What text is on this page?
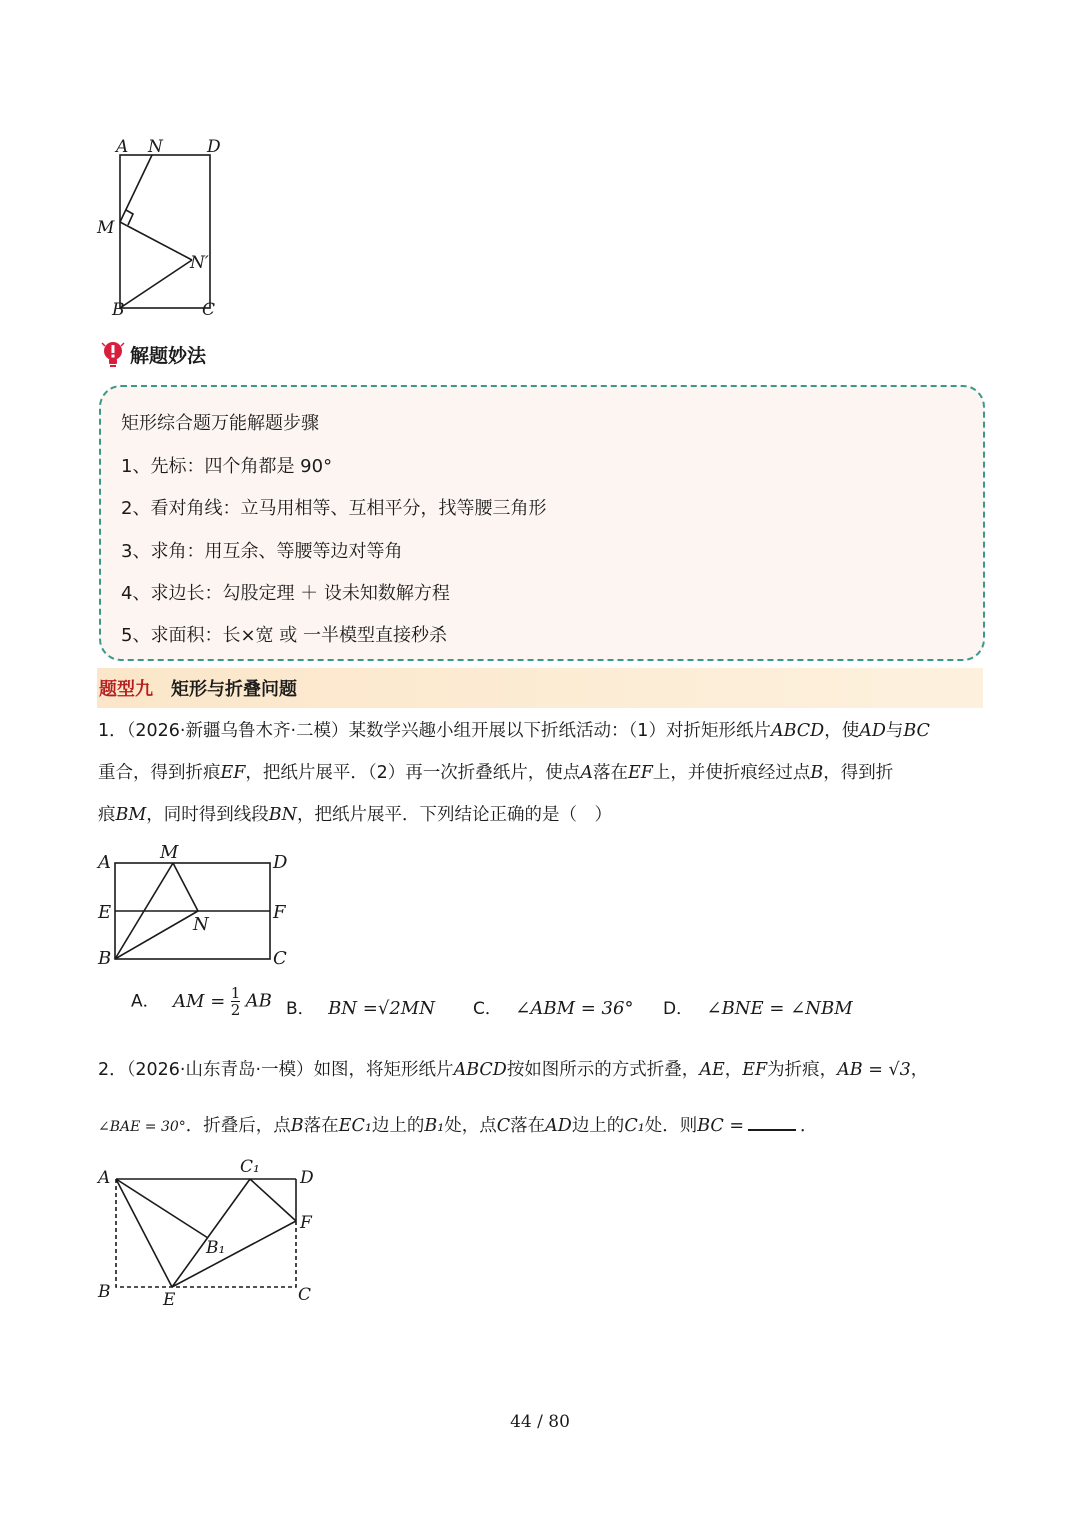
A N	D
M
N′
B	C
解题妙法
矩形综合题万能解题步骤
1、先标：四个角都是 90°
2、看对角线：立马用相等、互相平分，找等腰三角形
3、求角：用互余、等腰等边对等角
4、求边长：勾股定理 ＋ 设未知数解方程
5、求面积：长×宽 或 一半模型直接秒杀
题型九 矩形与折叠问题
1．（2026·新疆乌鲁木齐·二模）某数学兴趣小组开展以下折纸活动：（1）对折矩形纸片ABCD，使AD与BC
重合，得到折痕EF，把纸片展平．（2）再一次折叠纸片，使点A落在EF上，并使折痕经过点B，得到折
痕BM，同时得到线段BN，把纸片展平．下列结论正确的是（　）
A	M	D
E
N
F
B	C
A． AM = $\frac{1}{2}$ AB B． BN =√2MN C． ∠ABM = 36° D． ∠BNE = ∠NBM
2．（2026·山东青岛·一模）如图，将矩形纸片ABCD按如图所示的方式折叠，AE，EF为折痕，AB = √3，
∠BAE = 30°．折叠后，点B落在EC₁边上的B₁处，点C落在AD边上的C₁处．则BC =	．
A
C₁
D
F
B₁
B	E	C
44 / 80
